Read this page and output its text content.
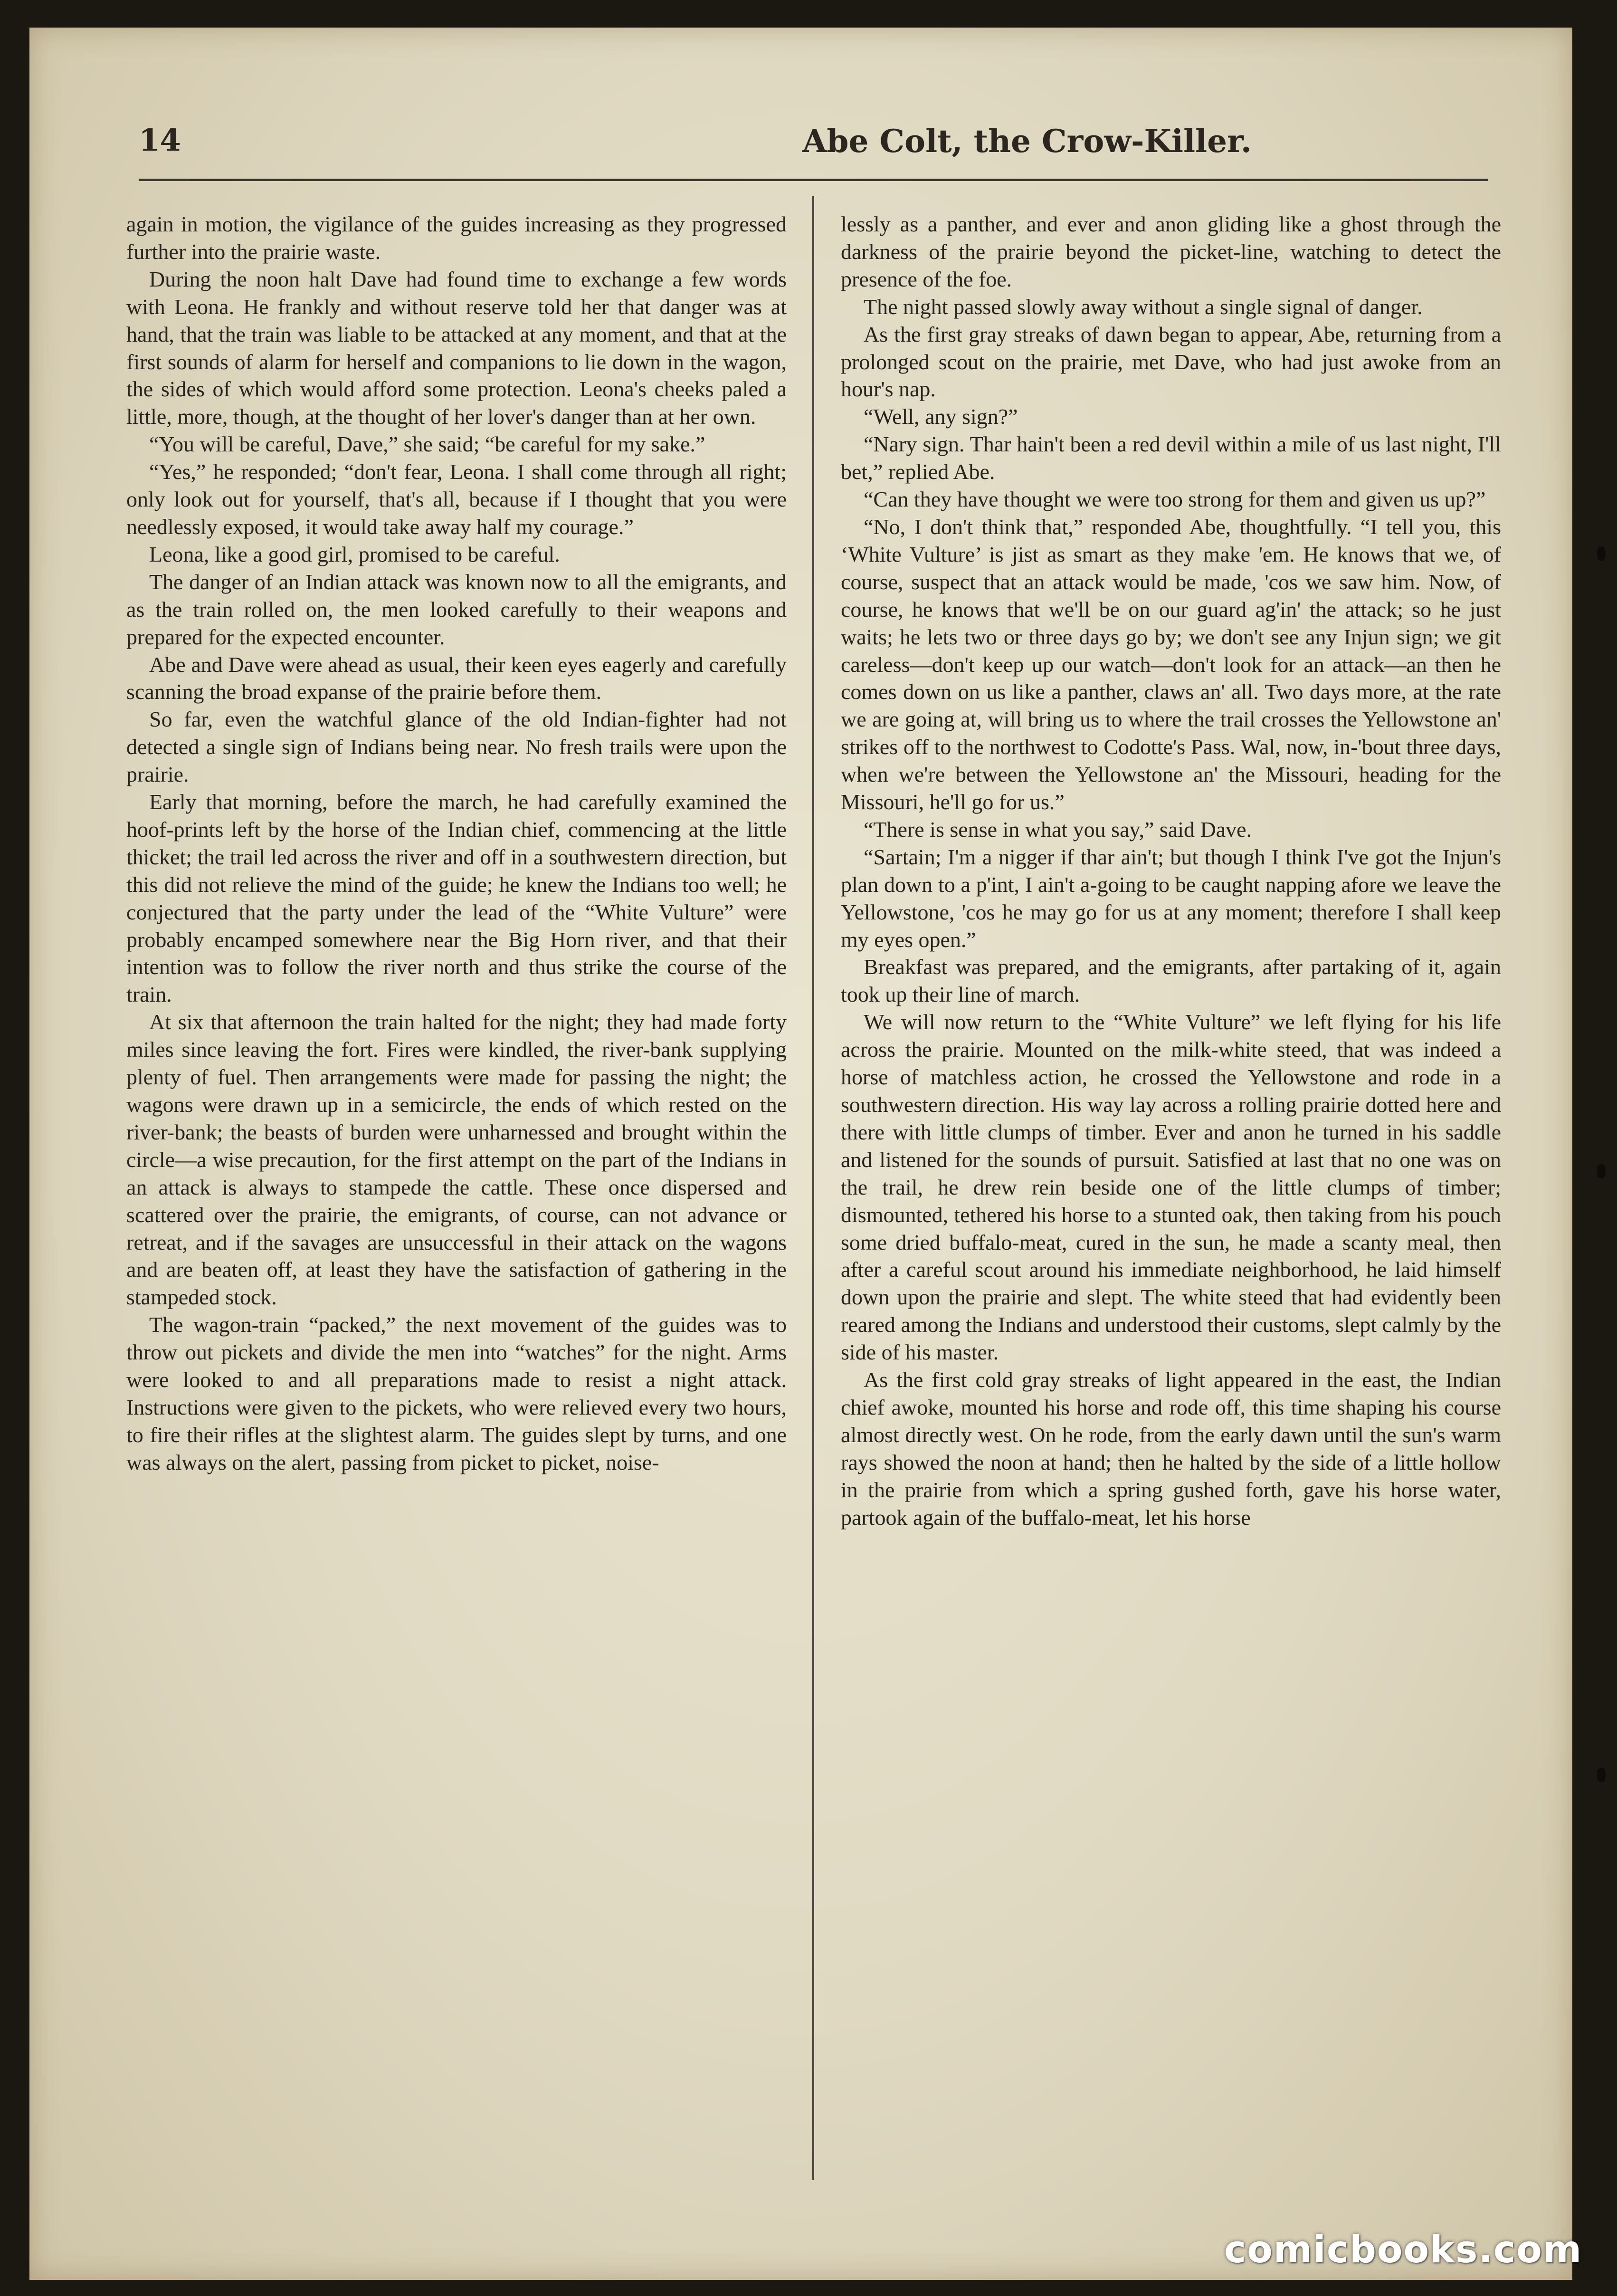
14	Abe Colt, the Crow-Killer.

again in motion, the vigilance of the guides increasing as they progressed further into the prairie waste.

During the noon halt Dave had found time to exchange a few words with Leona. He frankly and without reserve told her that danger was at hand, that the train was liable to be attacked at any moment, and that at the first sounds of alarm for herself and companions to lie down in the wagon, the sides of which would afford some protection. Leona's cheeks paled a little, more, though, at the thought of her lover's danger than at her own.

“You will be careful, Dave,” she said; “be careful for my sake.”

“Yes,” he responded; “don't fear, Leona. I shall come through all right; only look out for yourself, that's all, because if I thought that you were needlessly exposed, it would take away half my courage.”

Leona, like a good girl, promised to be careful.

The danger of an Indian attack was known now to all the emigrants, and as the train rolled on, the men looked carefully to their weapons and prepared for the expected encounter.

Abe and Dave were ahead as usual, their keen eyes eagerly and carefully scanning the broad expanse of the prairie before them.

So far, even the watchful glance of the old Indian-fighter had not detected a single sign of Indians being near. No fresh trails were upon the prairie.

Early that morning, before the march, he had carefully examined the hoof-prints left by the horse of the Indian chief, commencing at the little thicket; the trail led across the river and off in a southwestern direction, but this did not relieve the mind of the guide; he knew the Indians too well; he conjectured that the party under the lead of the “White Vulture” were probably encamped somewhere near the Big Horn river, and that their intention was to follow the river north and thus strike the course of the train.

At six that afternoon the train halted for the night; they had made forty miles since leaving the fort. Fires were kindled, the river-bank supplying plenty of fuel. Then arrangements were made for passing the night; the wagons were drawn up in a semicircle, the ends of which rested on the river-bank; the beasts of burden were unharnessed and brought within the circle—a wise precaution, for the first attempt on the part of the Indians in an attack is always to stampede the cattle. These once dispersed and scattered over the prairie, the emigrants, of course, can not advance or retreat, and if the savages are unsuccessful in their attack on the wagons and are beaten off, at least they have the satisfaction of gathering in the stampeded stock.

The wagon-train “packed,” the next movement of the guides was to throw out pickets and divide the men into “watches” for the night. Arms were looked to and all preparations made to resist a night attack. Instructions were given to the pickets, who were relieved every two hours, to fire their rifles at the slightest alarm. The guides slept by turns, and one was always on the alert, passing from picket to picket, noise-

lessly as a panther, and ever and anon gliding like a ghost through the darkness of the prairie beyond the picket-line, watching to detect the presence of the foe.

The night passed slowly away without a single signal of danger.

As the first gray streaks of dawn began to appear, Abe, returning from a prolonged scout on the prairie, met Dave, who had just awoke from an hour's nap.

“Well, any sign?”

“Nary sign. Thar hain't been a red devil within a mile of us last night, I'll bet,” replied Abe.

“Can they have thought we were too strong for them and given us up?”

“No, I don't think that,” responded Abe, thoughtfully. “I tell you, this ‘White Vulture’ is jist as smart as they make 'em. He knows that we, of course, suspect that an attack would be made, 'cos we saw him. Now, of course, he knows that we'll be on our guard ag'in' the attack; so he just waits; he lets two or three days go by; we don't see any Injun sign; we git careless—don't keep up our watch—don't look for an attack—an then he comes down on us like a panther, claws an' all. Two days more, at the rate we are going at, will bring us to where the trail crosses the Yellowstone an' strikes off to the northwest to Codotte's Pass. Wal, now, in-'bout three days, when we're between the Yellowstone an' the Missouri, heading for the Missouri, he'll go for us.”

“There is sense in what you say,” said Dave.

“Sartain; I'm a nigger if thar ain't; but though I think I've got the Injun's plan down to a p'int, I ain't a-going to be caught napping afore we leave the Yellowstone, 'cos he may go for us at any moment; therefore I shall keep my eyes open.”

Breakfast was prepared, and the emigrants, after partaking of it, again took up their line of march.

We will now return to the “White Vulture” we left flying for his life across the prairie. Mounted on the milk-white steed, that was indeed a horse of matchless action, he crossed the Yellowstone and rode in a southwestern direction. His way lay across a rolling prairie dotted here and there with little clumps of timber. Ever and anon he turned in his saddle and listened for the sounds of pursuit. Satisfied at last that no one was on the trail, he drew rein beside one of the little clumps of timber; dismounted, tethered his horse to a stunted oak, then taking from his pouch some dried buffalo-meat, cured in the sun, he made a scanty meal, then after a careful scout around his immediate neighborhood, he laid himself down upon the prairie and slept. The white steed that had evidently been reared among the Indians and understood their customs, slept calmly by the side of his master.

As the first cold gray streaks of light appeared in the east, the Indian chief awoke, mounted his horse and rode off, this time shaping his course almost directly west. On he rode, from the early dawn until the sun's warm rays showed the noon at hand; then he halted by the side of a little hollow in the prairie from which a spring gushed forth, gave his horse water, partook again of the buffalo-meat, let his horse

comicbooks.com
